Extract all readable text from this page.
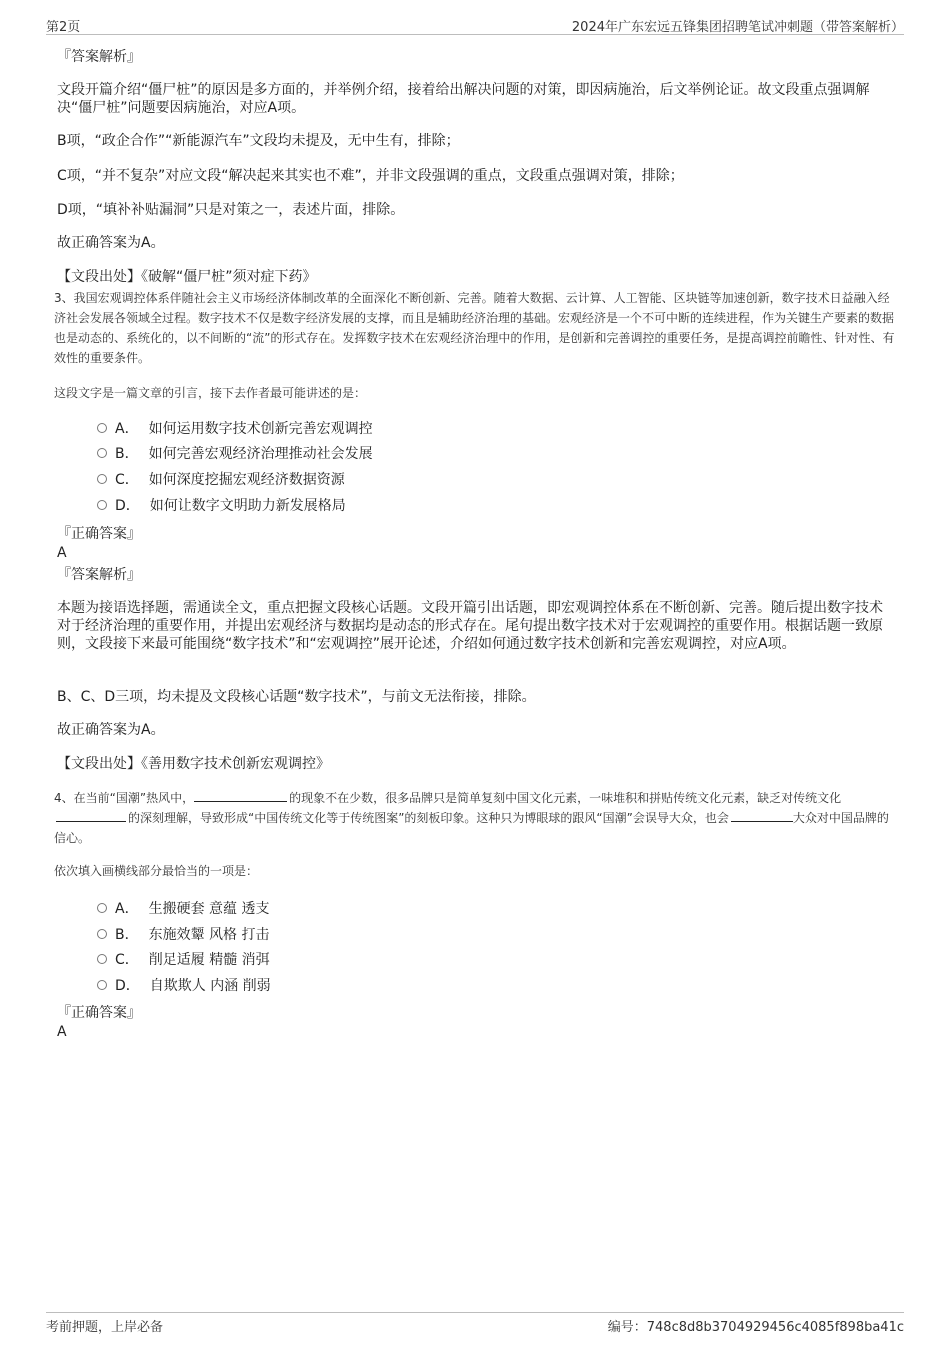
第2页	2024年广东宏远五锋集团招聘笔试冲刺题（带答案解析）
『答案解析』
文段开篇介绍“僵尸桩”的原因是多方面的，并举例介绍，接着给出解决问题的对策，即因病施治，后文举例论证。故文段重点强调解决“僵尸桩”问题要因病施治，对应A项。
B项，“政企合作”“新能源汽车”文段均未提及，无中生有，排除；
C项，“并不复杂”对应文段“解决起来其实也不难”，并非文段强调的重点，文段重点强调对策，排除；
D项，“填补补贴漏洞”只是对策之一，表述片面，排除。
故正确答案为A。
【文段出处】《破解“僵尸桩”须对症下药》
3、我国宏观调控体系伴随社会主义市场经济体制改革的全面深化不断创新、完善。随着大数据、云计算、人工智能、区块链等加速创新，数字技术日益融入经济社会发展各领域全过程。数字技术不仅是数字经济发展的支撑，而且是辅助经济治理的基础。宏观经济是一个不可中断的连续进程，作为关键生产要素的数据也是动态的、系统化的，以不间断的“流”的形式存在。发挥数字技术在宏观经济治理中的作用，是创新和完善调控的重要任务，是提高调控前瞻性、针对性、有效性的重要条件。
这段文字是一篇文章的引言，接下去作者最可能讲述的是：
A． 如何运用数字技术创新完善宏观调控
B． 如何完善宏观经济治理推动社会发展
C． 如何深度挖掘宏观经济数据资源
D． 如何让数字文明助力新发展格局
『正确答案』
A
『答案解析』
本题为接语选择题，需通读全文，重点把握文段核心话题。文段开篇引出话题，即宏观调控体系在不断创新、完善。随后提出数字技术对于经济治理的重要作用，并提出宏观经济与数据均是动态的形式存在。尾句提出数字技术对于宏观调控的重要作用。根据话题一致原则，文段接下来最可能围绕“数字技术”和“宏观调控”展开论述，介绍如何通过数字技术创新和完善宏观调控，对应A项。
B、C、D三项，均未提及文段核心话题“数字技术”，与前文无法衔接，排除。
故正确答案为A。
【文段出处】《善用数字技术创新宏观调控》
4、在当前“国潮”热风中，	的现象不在少数，很多品牌只是简单复刻中国文化元素，一味堆积和拼贴传统文化元素，缺乏对传统文化的深刻理解，导致形成“中国传统文化等于传统图案”的刻板印象。这种只为博眼球的跟风“国潮”会误导大众，也会	大众对中国品牌的信心。
依次填入画横线部分最恰当的一项是：
A． 生搬硬套 意蕴 透支
B． 东施效颦 风格 打击
C． 削足适履 精髓 消弭
D． 自欺欺人 内涵 削弱
『正确答案』
A
考前押题，上岸必备	编号：748c8d8b3704929456c4085f898ba41c
